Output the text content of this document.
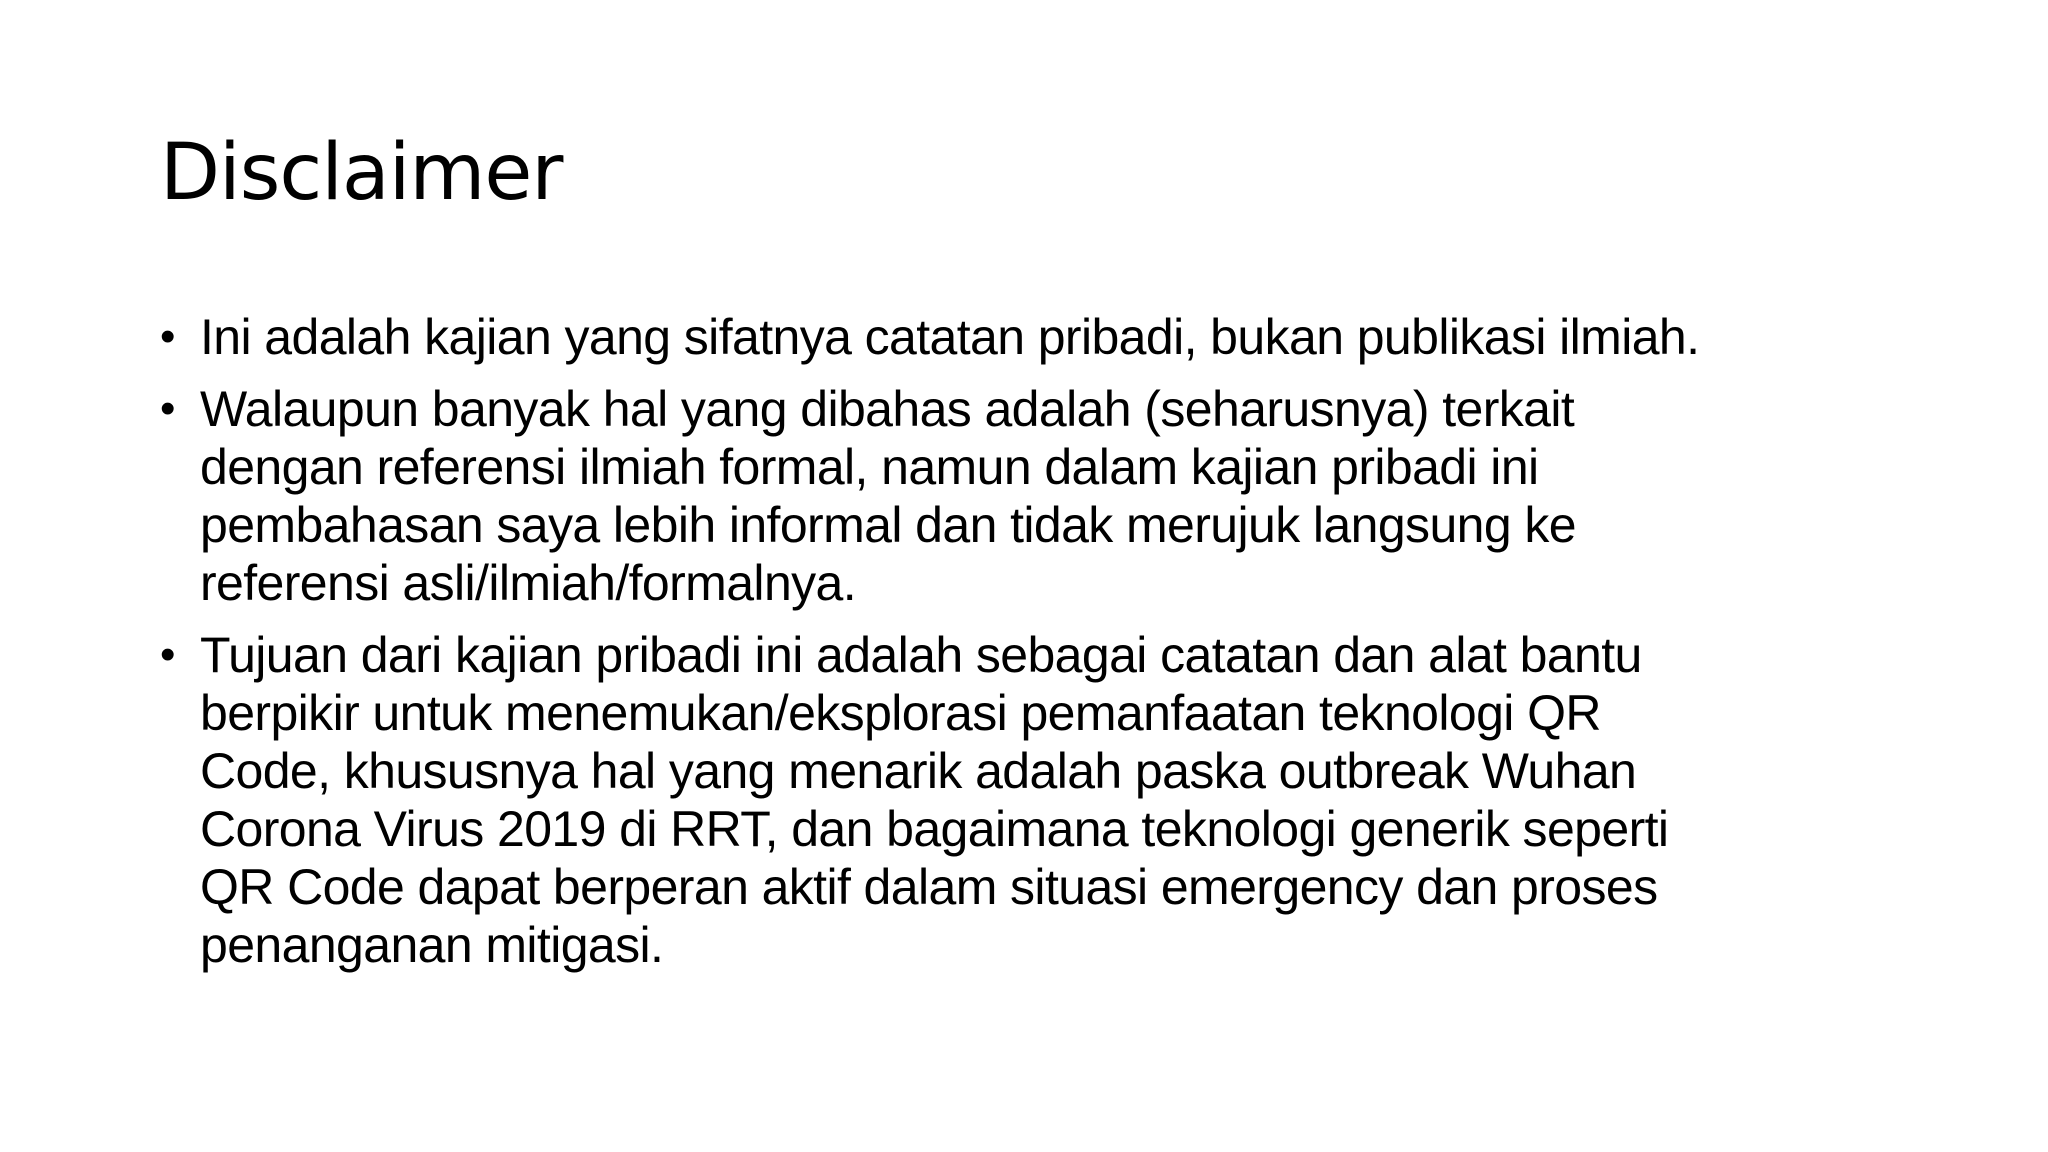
Disclaimer
• Ini adalah kajian yang sifatnya catatan pribadi, bukan publikasi ilmiah.
• Walaupun banyak hal yang dibahas adalah (seharusnya) terkait
dengan referensi ilmiah formal, namun dalam kajian pribadi ini
pembahasan saya lebih informal dan tidak merujuk langsung ke
referensi asli/ilmiah/formalnya.
• Tujuan dari kajian pribadi ini adalah sebagai catatan dan alat bantu
berpikir untuk menemukan/eksplorasi pemanfaatan teknologi QR
Code, khususnya hal yang menarik adalah paska outbreak Wuhan
Corona Virus 2019 di RRT, dan bagaimana teknologi generik seperti
QR Code dapat berperan aktif dalam situasi emergency dan proses
penanganan mitigasi.
